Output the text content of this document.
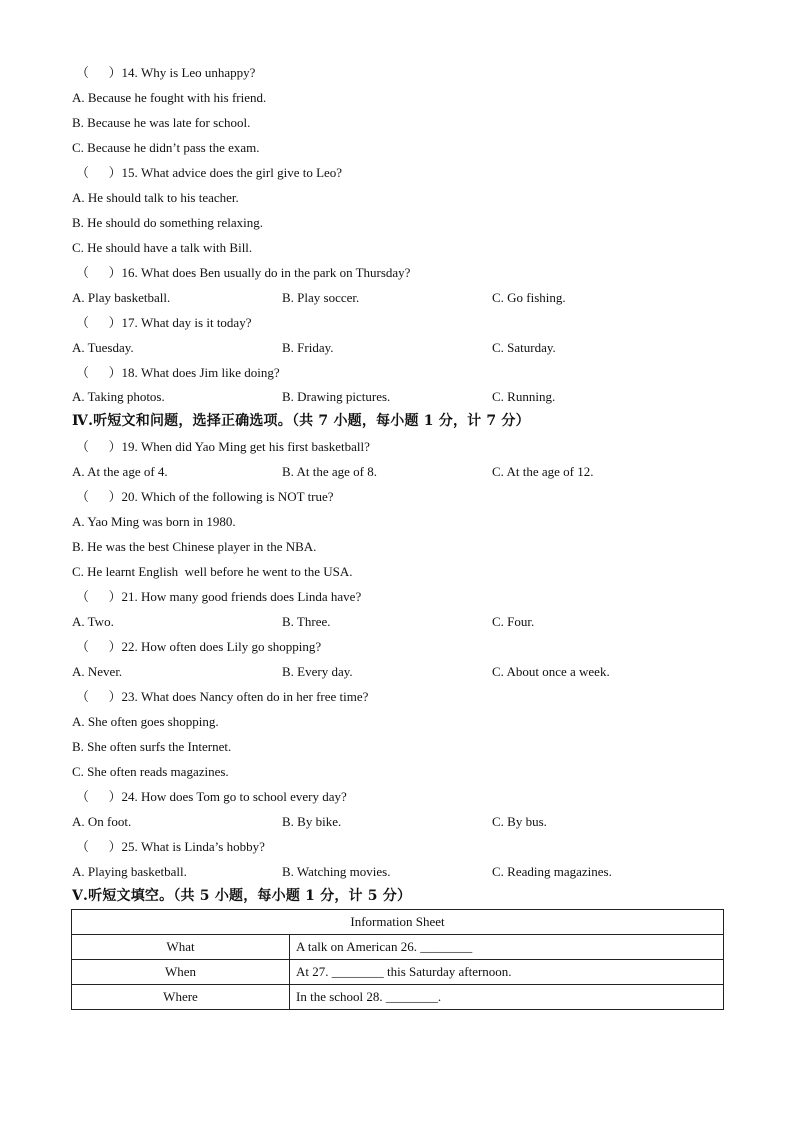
（　  ）14. Why is Leo unhappy?
A. Because he fought with his friend.
B. Because he was late for school.
C. Because he didn’t pass the exam.
（　  ）15. What advice does the girl give to Leo?
A. He should talk to his teacher.
B. He should do something relaxing.
C. He should have a talk with Bill.
（　  ）16. What does Ben usually do in the park on Thursday?
A. Play basketball.	B. Play soccer.	C. Go fishing.
（　  ）17. What day is it today?
A. Tuesday.	B. Friday.	C. Saturday.
（　  ）18. What does Jim like doing?
A. Taking photos.	B. Drawing pictures.	C. Running.
Ⅳ.听短文和问题，选择正确选项。（共 7 小题，每小题 1 分，计 7 分）
（　  ）19. When did Yao Ming get his first basketball?
A. At the age of 4.	B. At the age of 8.	C. At the age of 12.
（　  ）20. Which of the following is NOT true?
A. Yao Ming was born in 1980.
B. He was the best Chinese player in the NBA.
C. He learnt English  well before he went to the USA.
（　  ）21. How many good friends does Linda have?
A. Two.	B. Three.	C. Four.
（　  ）22. How often does Lily go shopping?
A. Never.	B. Every day.	C. About once a week.
（　  ）23. What does Nancy often do in her free time?
A. She often goes shopping.
B. She often surfs the Internet.
C. She often reads magazines.
（　  ）24. How does Tom go to school every day?
A. On foot.	B. By bike.	C. By bus.
（　  ）25. What is Linda’s hobby?
A. Playing basketball.	B. Watching movies.	C. Reading magazines.
Ⅴ.听短文填空。（共 5 小题，每小题 1 分，计 5 分）
Information Sheet	
What	A talk on American 26. ________
When	At 27. ________ this Saturday afternoon.
Where	In the school 28. ________.
